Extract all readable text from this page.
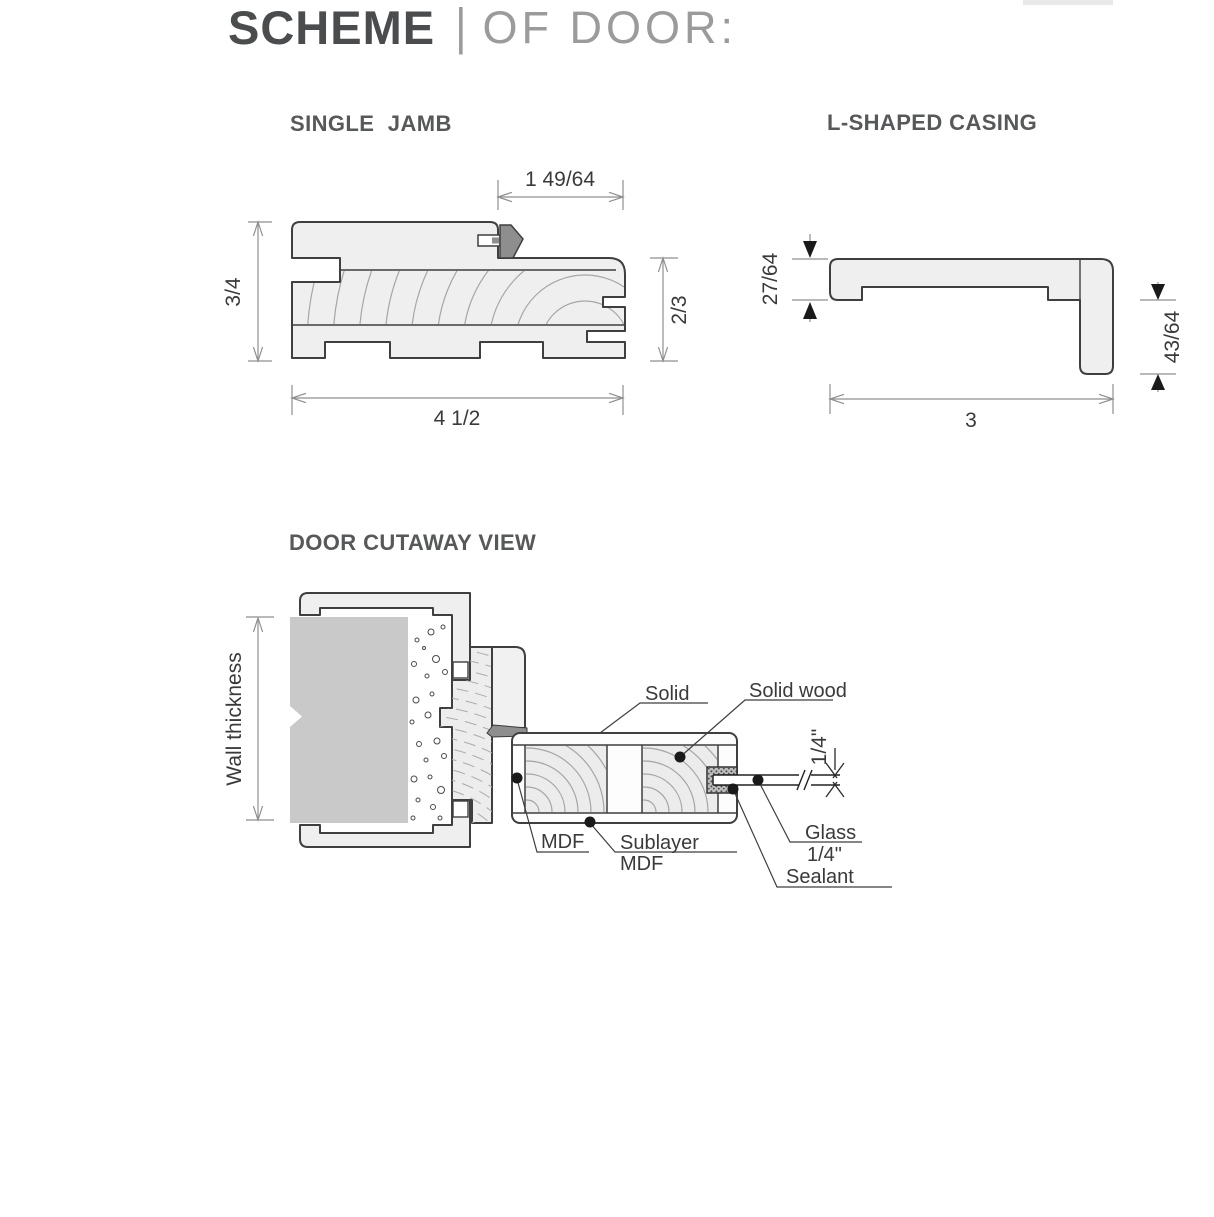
SCHEME | OF DOOR:
SINGLE JAMB	L-SHAPED CASING
DOOR CUTAWAY VIEW
1 49/64
3/4
2/3
4 1/2
27/64
43/64
3
1/4"
Wall thickness	Solid	Solid wood
MDF Sublayer
MDF
Glass
1/4"
Sealant
